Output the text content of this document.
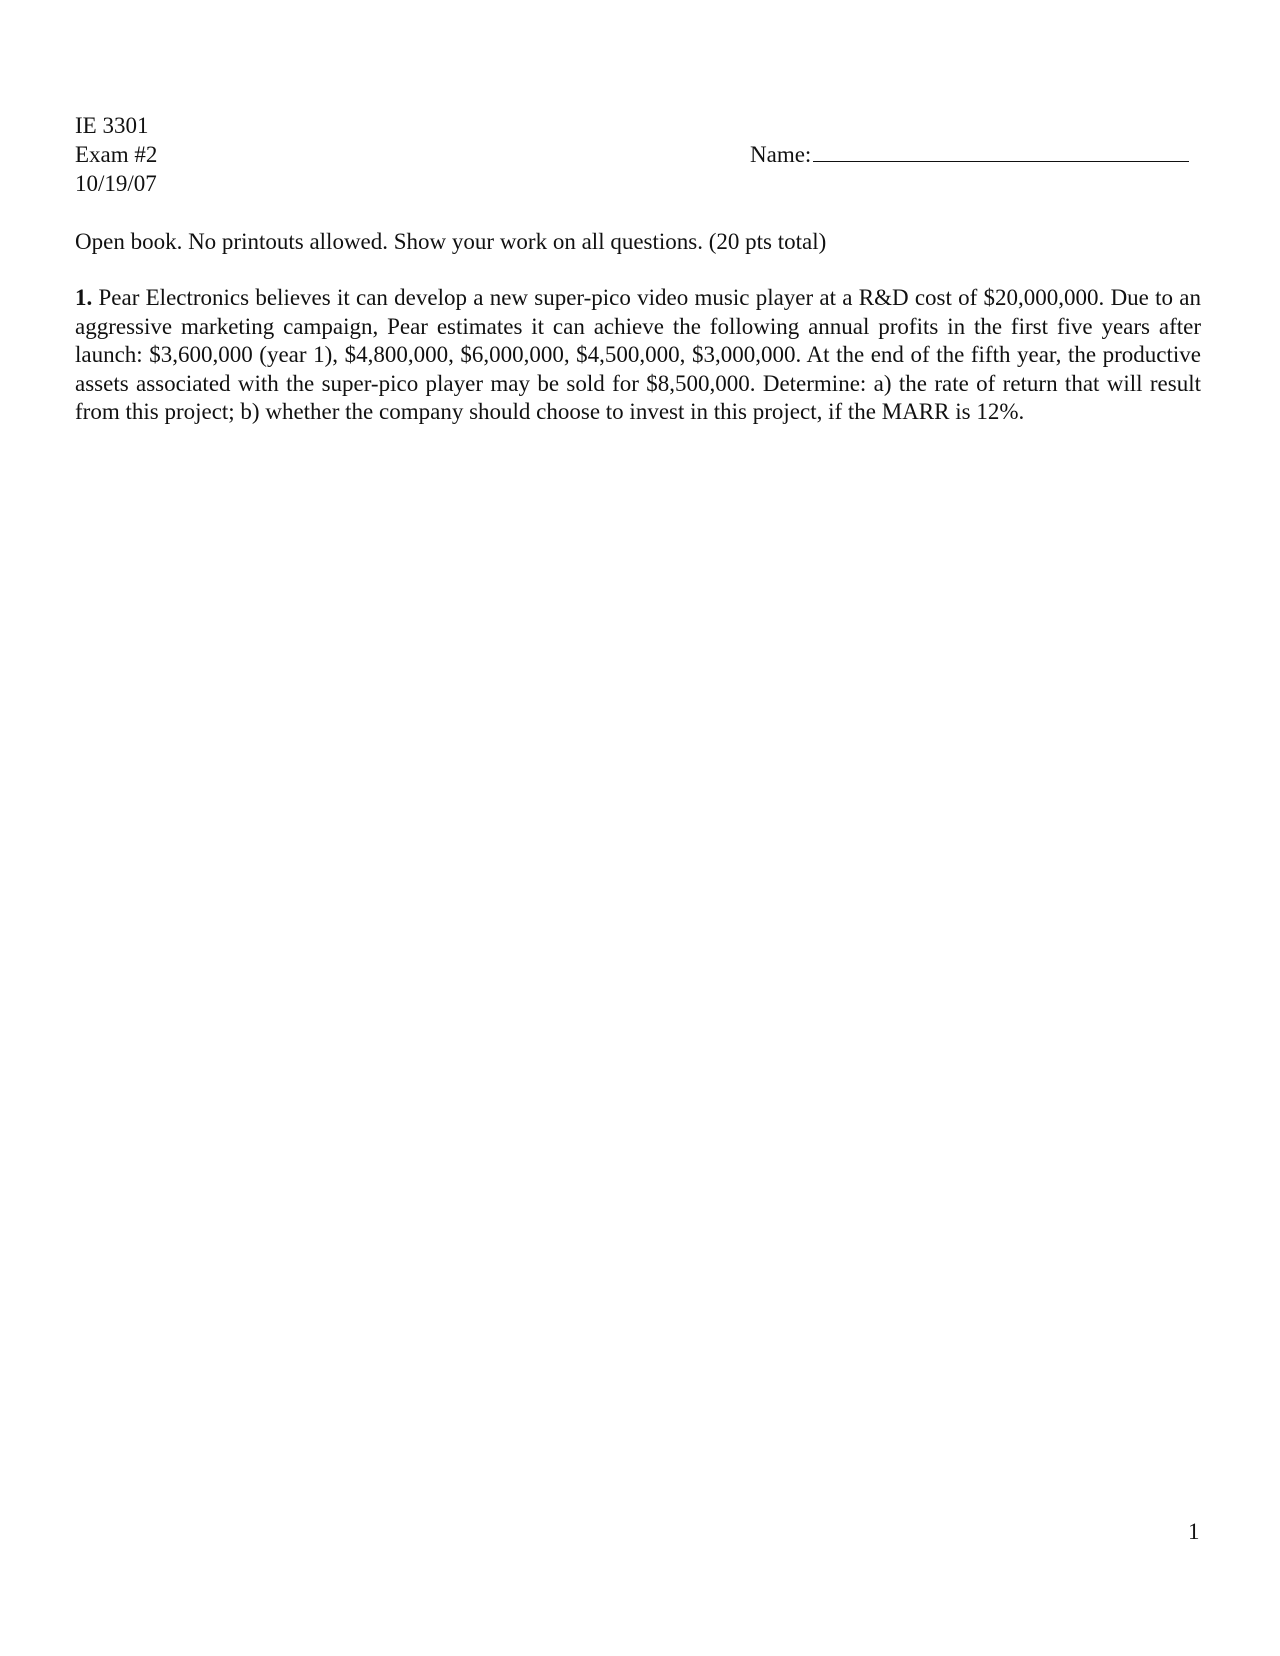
IE 3301
Exam #2
10/19/07
Name:
Open book. No printouts allowed. Show your work on all questions. (20 pts total)
1. Pear Electronics believes it can develop a new super-pico video music player at a R&D cost of $20,000,000. Due to an aggressive marketing campaign, Pear estimates it can achieve the following annual profits in the first five years after launch: $3,600,000 (year 1), $4,800,000, $6,000,000, $4,500,000, $3,000,000. At the end of the fifth year, the productive assets associated with the super-pico player may be sold for $8,500,000. Determine: a) the rate of return that will result from this project; b) whether the company should choose to invest in this project, if the MARR is 12%.
1
